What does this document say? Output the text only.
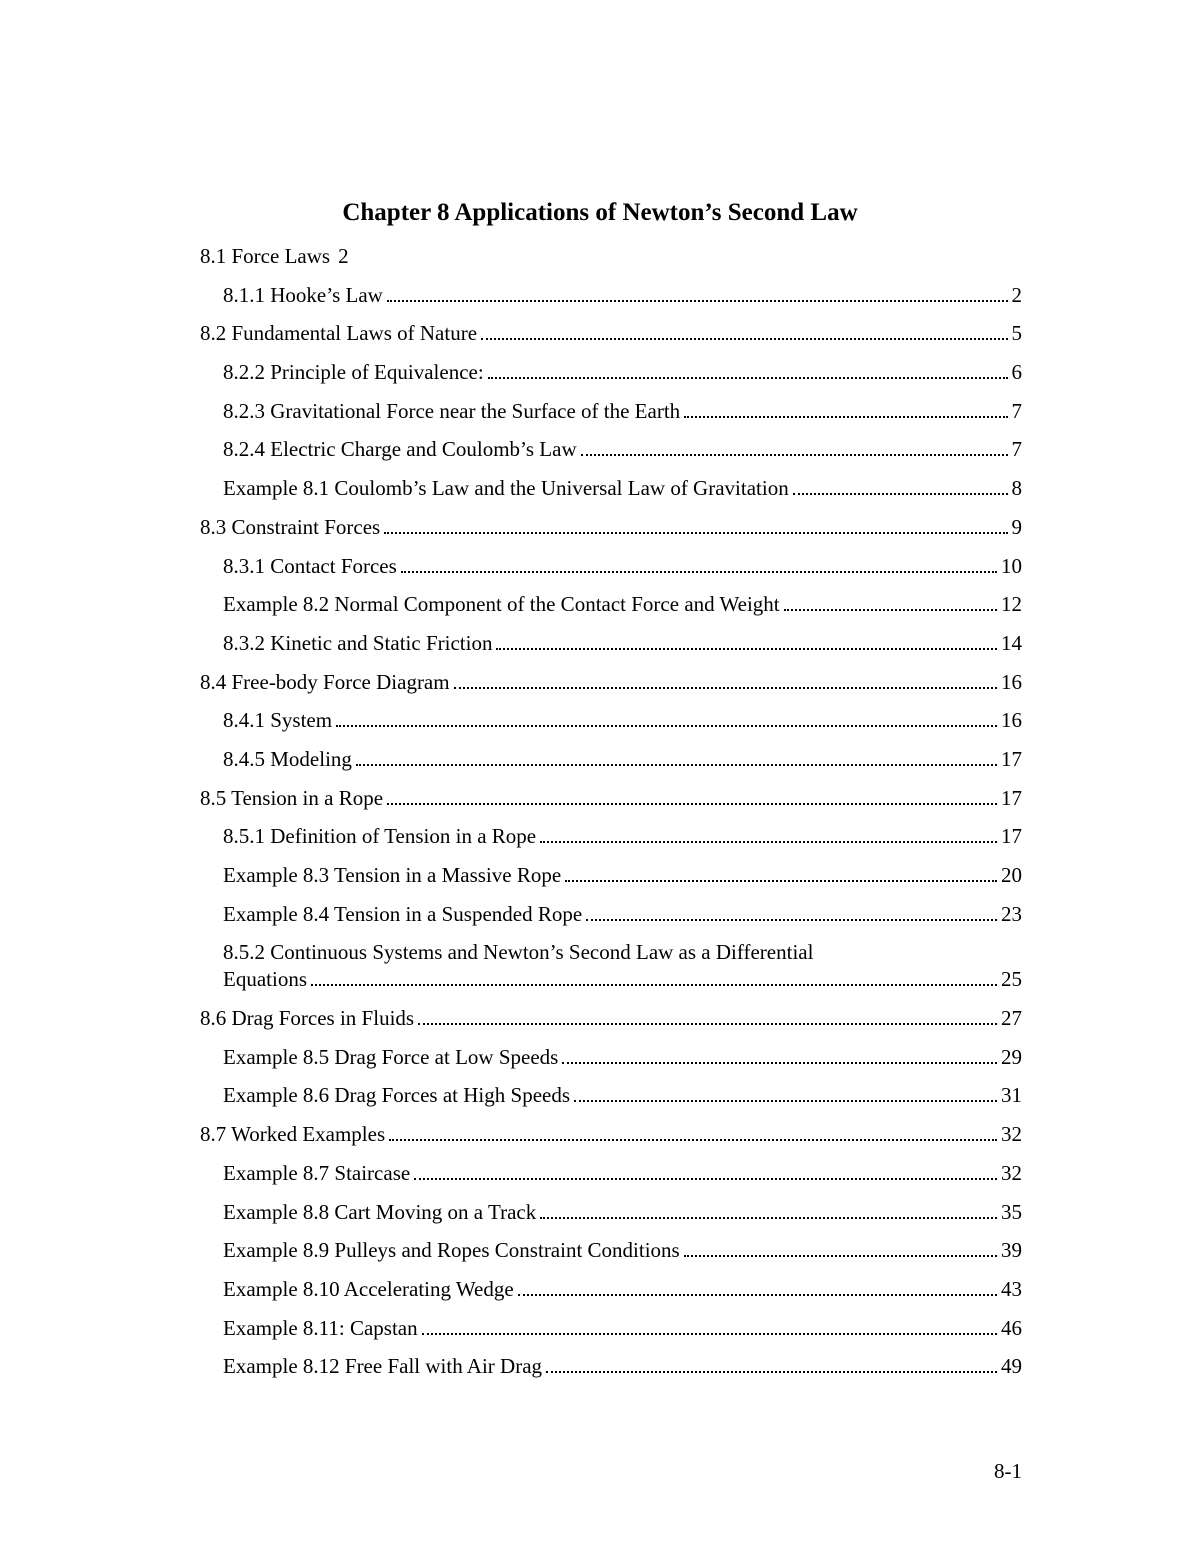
Chapter 8 Applications of Newton’s Second Law
8.1 Force Laws 2
8.1.1 Hooke’s Law	2
8.2 Fundamental Laws of Nature	5
8.2.2 Principle of Equivalence:	6
8.2.3 Gravitational Force near the Surface of the Earth	7
8.2.4 Electric Charge and Coulomb’s Law	7
Example 8.1 Coulomb’s Law and the Universal Law of Gravitation	8
8.3 Constraint Forces	9
8.3.1 Contact Forces	10
Example 8.2 Normal Component of the Contact Force and Weight	12
8.3.2 Kinetic and Static Friction	14
8.4 Free-body Force Diagram	16
8.4.1 System	16
8.4.5 Modeling	17
8.5 Tension in a Rope	17
8.5.1 Definition of Tension in a Rope	17
Example 8.3 Tension in a Massive Rope	20
Example 8.4 Tension in a Suspended Rope	23
8.5.2 Continuous Systems and Newton’s Second Law as a Differential
Equations	25
8.6 Drag Forces in Fluids	27
Example 8.5 Drag Force at Low Speeds	29
Example 8.6 Drag Forces at High Speeds	31
8.7 Worked Examples	32
Example 8.7 Staircase	32
Example 8.8 Cart Moving on a Track	35
Example 8.9 Pulleys and Ropes Constraint Conditions	39
Example 8.10 Accelerating Wedge	43
Example 8.11: Capstan	46
Example 8.12 Free Fall with Air Drag	49
8-1
